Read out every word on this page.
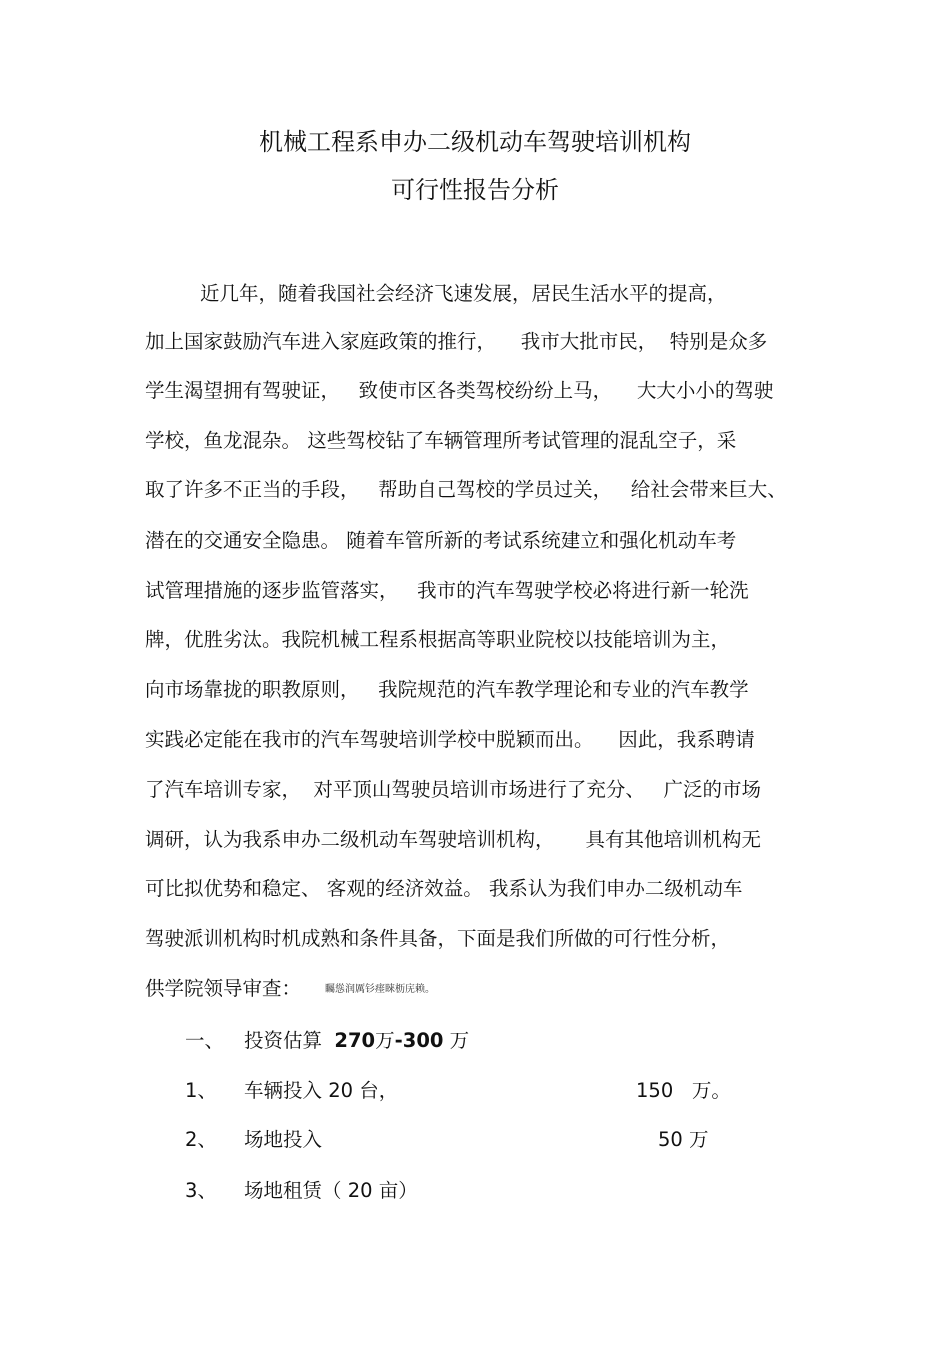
机械工程系申办二级机动车驾驶培训机构
可行性报告分析
近几年，随着我国社会经济飞速发展，居民生活水平的提高，
加上国家鼓励汽车进入家庭政策的推行，    我市大批市民，  特别是众多
学生渴望拥有驾驶证，   致使市区各类驾校纷纷上马，    大大小小的驾驶
学校，鱼龙混杂。 这些驾校钻了车辆管理所考试管理的混乱空子，采
取了许多不正当的手段，   帮助自己驾校的学员过关，   给社会带来巨大、
潜在的交通安全隐患。 随着车管所新的考试系统建立和强化机动车考
试管理措施的逐步监管落实，   我市的汽车驾驶学校必将进行新一轮洗
牌，优胜劣汰。我院机械工程系根据高等职业院校以技能培训为主，
向市场靠拢的职教原则，   我院规范的汽车教学理论和专业的汽车教学
实践必定能在我市的汽车驾驶培训学校中脱颖而出。    因此，我系聘请
了汽车培训专家，  对平顶山驾驶员培训市场进行了充分、   广泛的市场
调研，认为我系申办二级机动车驾驶培训机构，     具有其他培训机构无
可比拟优势和稳定、 客观的经济效益。 我系认为我们申办二级机动车
驾驶派训机构时机成熟和条件具备，下面是我们所做的可行性分析，
供学院领导审查： 矚慫润厲钐瘗睞枥庑赖。
一、 投资估算 270万-300 万
1、 车辆投入 20 台，	150   万。
2、 场地投入	50 万
3、 场地租赁（ 20 亩）
